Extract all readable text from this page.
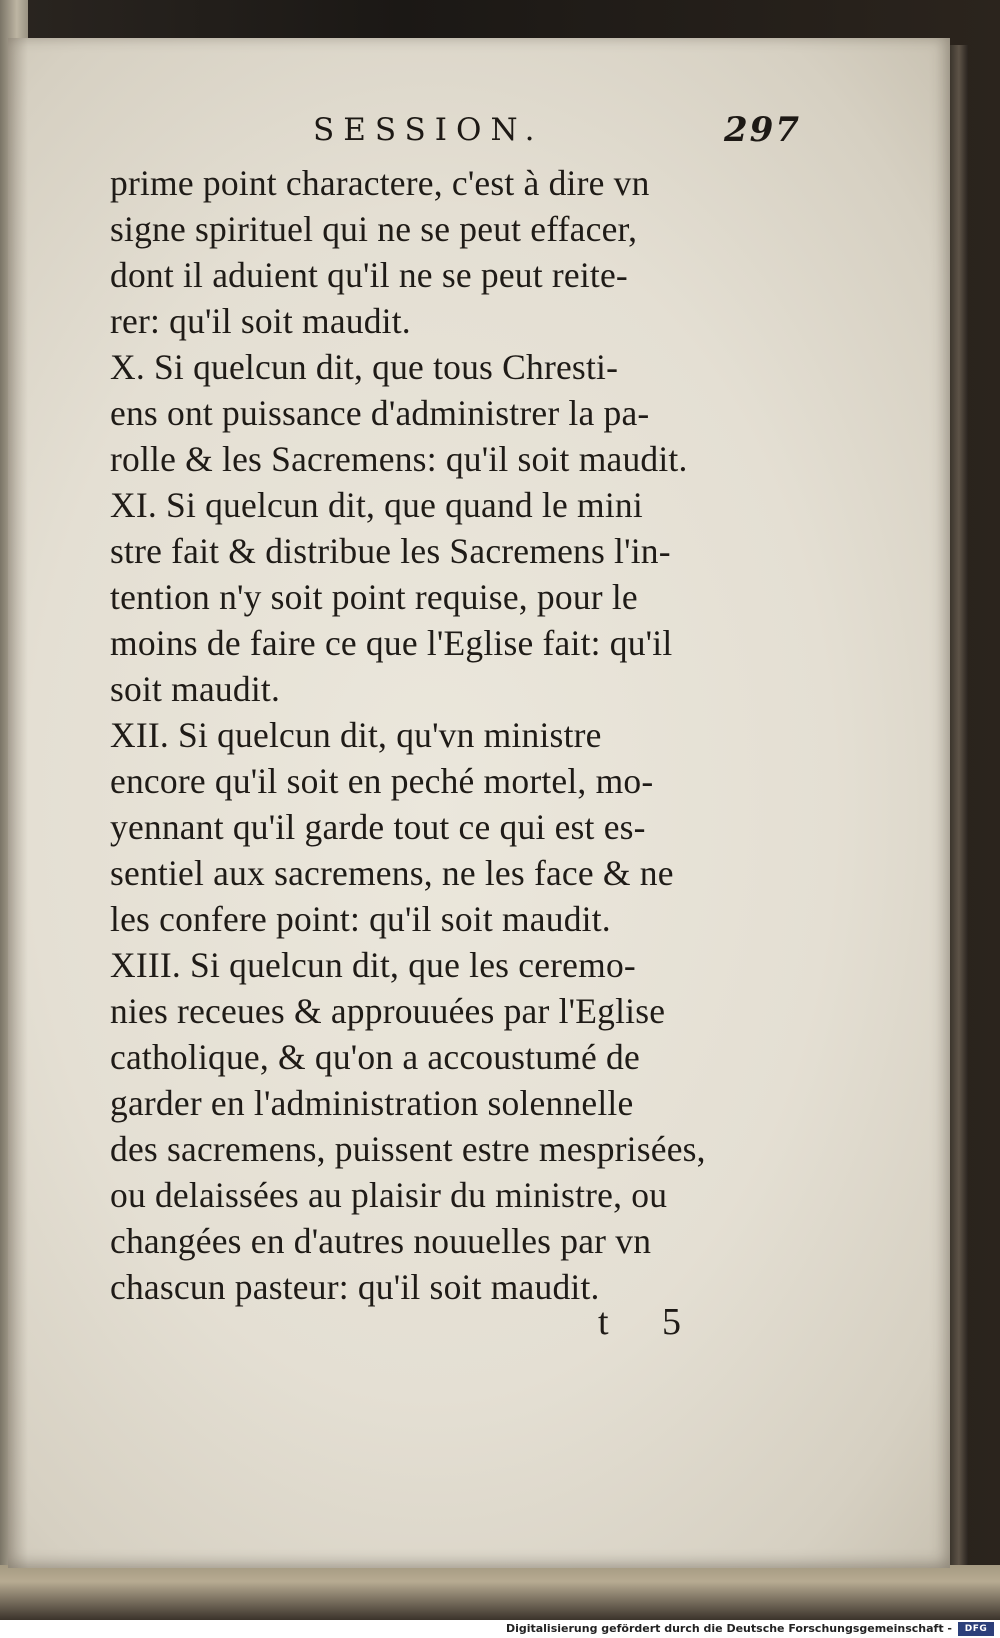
SESSION.	297
prime point charactere, c'est à dire vn
signe spirituel qui ne se peut effacer,
dont il aduient qu'il ne se peut reite-
rer: qu'il soit maudit.
X. Si quelcun dit, que tous Chresti-
ens ont puissance d'administrer la pa-
rolle & les Sacremens: qu'il soit maudit.
XI. Si quelcun dit, que quand le mini
stre fait & distribue les Sacremens l'in-
tention n'y soit point requise, pour le
moins de faire ce que l'Eglise fait: qu'il
soit maudit.
XII. Si quelcun dit, qu'vn ministre
encore qu'il soit en peché mortel, mo-
yennant qu'il garde tout ce qui est es-
sentiel aux sacremens, ne les face & ne
les confere point: qu'il soit maudit.
XIII. Si quelcun dit, que les ceremo-
nies receues & approuuées par l'Eglise
catholique, & qu'on a accoustumé de
garder en l'administration solennelle
des sacremens, puissent estre mesprisées,
ou delaissées au plaisir du ministre, ou
changées en d'autres nouuelles par vn
chascun pasteur: qu'il soit maudit.
t 5
Digitalisierung gefördert durch die Deutsche Forschungsgemeinschaft -	DFG
